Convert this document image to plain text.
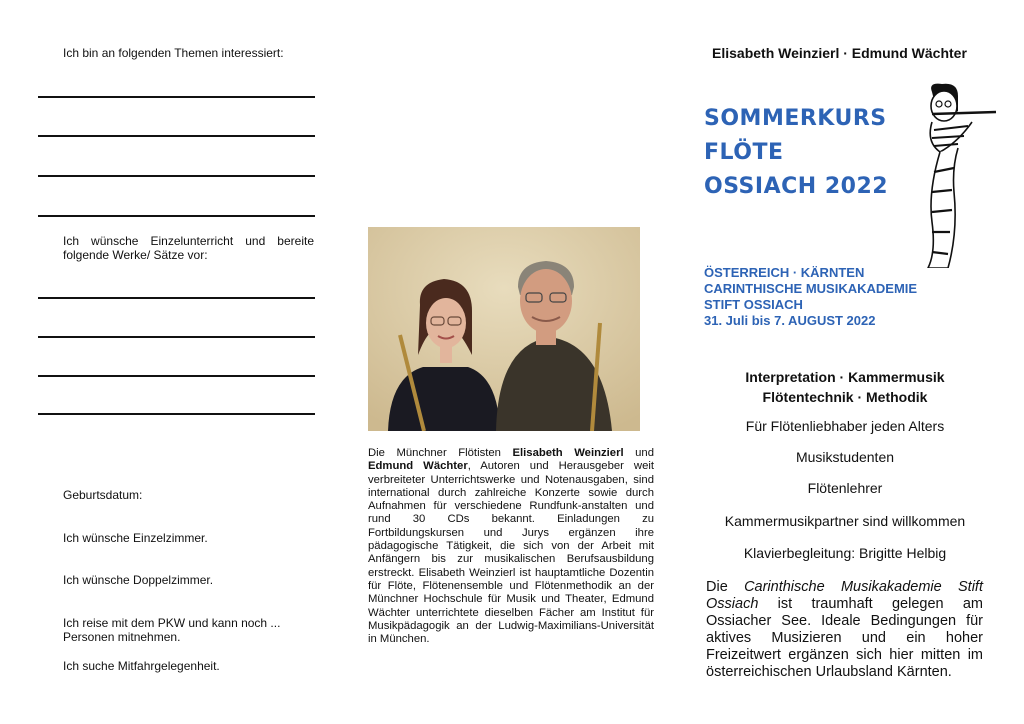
Ich bin an folgenden Themen interessiert:
Ich wünsche Einzelunterricht und bereite folgende Werke/ Sätze vor:
Geburtsdatum:
Ich wünsche Einzelzimmer.
Ich wünsche Doppelzimmer.
Ich reise mit dem PKW und kann noch ...
Personen mitnehmen.
Ich suche Mitfahrgelegenheit.
Die Münchner Flötisten Elisabeth Weinzierl und Edmund Wächter, Autoren und Herausgeber weit verbreiteter Unterrichtswerke und Notenausgaben, sind international durch zahlreiche Konzerte sowie durch Aufnahmen für verschiedene Rundfunk-anstalten und rund 30 CDs bekannt. Einladungen zu Fortbildungskursen und Jurys ergänzen ihre pädagogische Tätigkeit, die sich von der Arbeit mit Anfängern bis zur musikalischen Berufsausbildung erstreckt. Elisabeth Weinzierl ist hauptamtliche Dozentin für Flöte, Flötenensemble und Flötenmethodik an der Münchner Hochschule für Musik und Theater, Edmund Wächter unterrichtete dieselben Fächer am Institut für Musikpädagogik an der Ludwig-Maximilians-Universität in München.
Elisabeth Weinzierl · Edmund Wächter
SOMMERKURS
FLÖTE
OSSIACH 2022
ÖSTERREICH · KÄRNTEN
CARINTHISCHE MUSIKAKADEMIE
STIFT OSSIACH
31. Juli bis 7. AUGUST 2022
Interpretation · Kammermusik
Flötentechnik · Methodik
Für Flötenliebhaber jeden Alters
Musikstudenten
Flötenlehrer
Kammermusikpartner sind willkommen
Klavierbegleitung: Brigitte Helbig
Die Carinthische Musikakademie Stift Ossiach ist traumhaft gelegen am Ossiacher See. Ideale Bedingungen für aktives Musizieren und ein hoher Freizeitwert ergänzen sich hier mitten im österreichischen Urlaubsland Kärnten.
